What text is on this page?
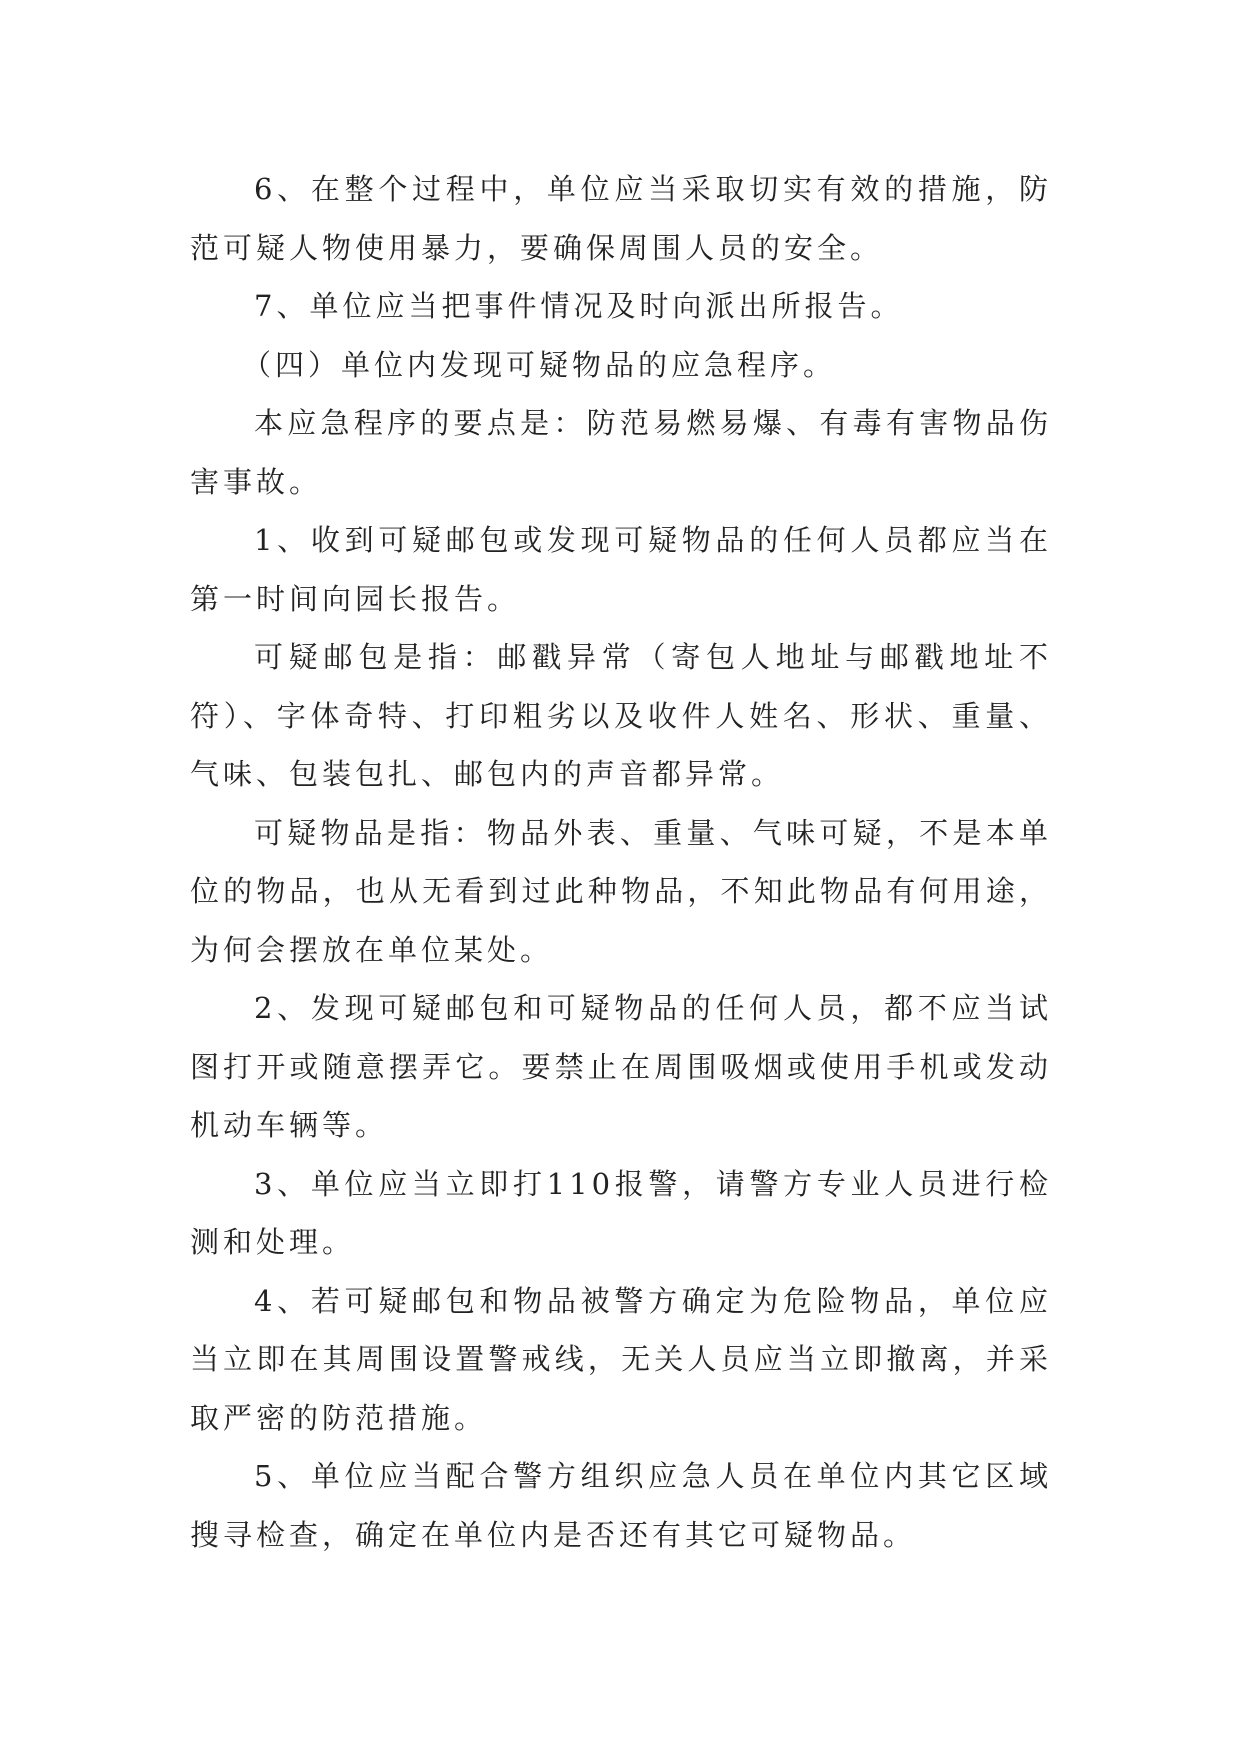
6、在整个过程中，单位应当采取切实有效的措施，防范可疑人物使用暴力，要确保周围人员的安全。

7、单位应当把事件情况及时向派出所报告。

（四）单位内发现可疑物品的应急程序。

本应急程序的要点是：防范易燃易爆、有毒有害物品伤害事故。

1、收到可疑邮包或发现可疑物品的任何人员都应当在第一时间向园长报告。

可疑邮包是指：邮戳异常（寄包人地址与邮戳地址不符）、字体奇特、打印粗劣以及收件人姓名、形状、重量、气味、包装包扎、邮包内的声音都异常。

可疑物品是指：物品外表、重量、气味可疑，不是本单位的物品，也从无看到过此种物品，不知此物品有何用途，为何会摆放在单位某处。

2、发现可疑邮包和可疑物品的任何人员，都不应当试图打开或随意摆弄它。要禁止在周围吸烟或使用手机或发动机动车辆等。

3、单位应当立即打110报警，请警方专业人员进行检测和处理。

4、若可疑邮包和物品被警方确定为危险物品，单位应当立即在其周围设置警戒线，无关人员应当立即撤离，并采取严密的防范措施。

5、单位应当配合警方组织应急人员在单位内其它区域搜寻检查，确定在单位内是否还有其它可疑物品。
